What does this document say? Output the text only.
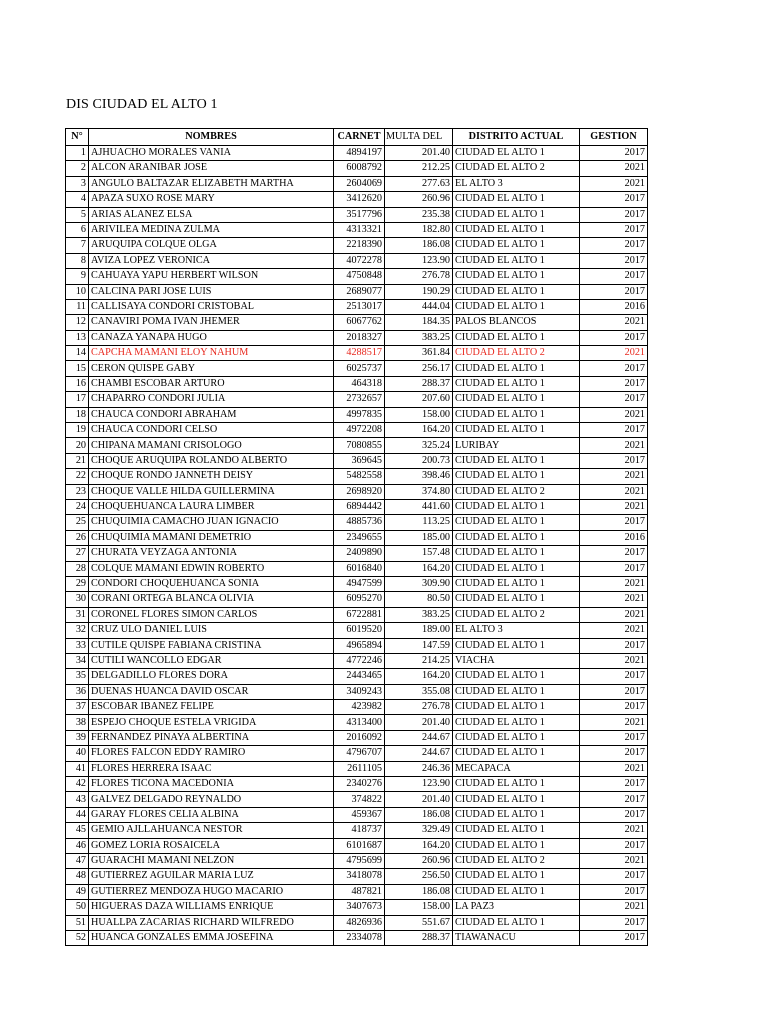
DIS CIUDAD EL ALTO 1
N°	NOMBRES	CARNET	MULTA DEL	DISTRITO ACTUAL	GESTION
1	AJHUACHO MORALES VANIA	4894197	201.40	CIUDAD EL ALTO 1	2017
2	ALCON ARANIBAR JOSE	6008792	212.25	CIUDAD EL ALTO 2	2021
3	ANGULO BALTAZAR ELIZABETH MARTHA	2604069	277.63	EL ALTO 3	2021
4	APAZA SUXO ROSE MARY	3412620	260.96	CIUDAD EL ALTO 1	2017
5	ARIAS ALANEZ ELSA	3517796	235.38	CIUDAD EL ALTO 1	2017
6	ARIVILEA MEDINA ZULMA	4313321	182.80	CIUDAD EL ALTO 1	2017
7	ARUQUIPA COLQUE OLGA	2218390	186.08	CIUDAD EL ALTO 1	2017
8	AVIZA LOPEZ VERONICA	4072278	123.90	CIUDAD EL ALTO 1	2017
9	CAHUAYA YAPU HERBERT WILSON	4750848	276.78	CIUDAD EL ALTO 1	2017
10	CALCINA PARI JOSE LUIS	2689077	190.29	CIUDAD EL ALTO 1	2017
11	CALLISAYA CONDORI CRISTOBAL	2513017	444.04	CIUDAD EL ALTO 1	2016
12	CANAVIRI POMA IVAN JHEMER	6067762	184.35	PALOS BLANCOS	2021
13	CANAZA YANAPA HUGO	2018327	383.25	CIUDAD EL ALTO 1	2017
14	CAPCHA MAMANI ELOY NAHUM	4288517	361.84	CIUDAD EL ALTO 2	2021
15	CERON QUISPE GABY	6025737	256.17	CIUDAD EL ALTO 1	2017
16	CHAMBI ESCOBAR ARTURO	464318	288.37	CIUDAD EL ALTO 1	2017
17	CHAPARRO CONDORI JULIA	2732657	207.60	CIUDAD EL ALTO 1	2017
18	CHAUCA CONDORI ABRAHAM	4997835	158.00	CIUDAD EL ALTO 1	2021
19	CHAUCA CONDORI CELSO	4972208	164.20	CIUDAD EL ALTO 1	2017
20	CHIPANA MAMANI CRISOLOGO	7080855	325.24	LURIBAY	2021
21	CHOQUE ARUQUIPA ROLANDO ALBERTO	369645	200.73	CIUDAD EL ALTO 1	2017
22	CHOQUE RONDO JANNETH DEISY	5482558	398.46	CIUDAD EL ALTO 1	2021
23	CHOQUE VALLE HILDA GUILLERMINA	2698920	374.80	CIUDAD EL ALTO 2	2021
24	CHOQUEHUANCA LAURA LIMBER	6894442	441.60	CIUDAD EL ALTO 1	2021
25	CHUQUIMIA CAMACHO JUAN IGNACIO	4885736	113.25	CIUDAD EL ALTO 1	2017
26	CHUQUIMIA MAMANI DEMETRIO	2349655	185.00	CIUDAD EL ALTO 1	2016
27	CHURATA VEYZAGA ANTONIA	2409890	157.48	CIUDAD EL ALTO 1	2017
28	COLQUE MAMANI EDWIN ROBERTO	6016840	164.20	CIUDAD EL ALTO 1	2017
29	CONDORI CHOQUEHUANCA SONIA	4947599	309.90	CIUDAD EL ALTO 1	2021
30	CORANI ORTEGA BLANCA OLIVIA	6095270	80.50	CIUDAD EL ALTO 1	2021
31	CORONEL FLORES SIMON CARLOS	6722881	383.25	CIUDAD EL ALTO 2	2021
32	CRUZ ULO DANIEL LUIS	6019520	189.00	EL ALTO 3	2021
33	CUTILE QUISPE FABIANA CRISTINA	4965894	147.59	CIUDAD EL ALTO 1	2017
34	CUTILI WANCOLLO EDGAR	4772246	214.25	VIACHA	2021
35	DELGADILLO FLORES DORA	2443465	164.20	CIUDAD EL ALTO 1	2017
36	DUENAS HUANCA DAVID OSCAR	3409243	355.08	CIUDAD EL ALTO 1	2017
37	ESCOBAR IBANEZ FELIPE	423982	276.78	CIUDAD EL ALTO 1	2017
38	ESPEJO CHOQUE ESTELA VRIGIDA	4313400	201.40	CIUDAD EL ALTO 1	2021
39	FERNANDEZ PINAYA ALBERTINA	2016092	244.67	CIUDAD EL ALTO 1	2017
40	FLORES FALCON EDDY RAMIRO	4796707	244.67	CIUDAD EL ALTO 1	2017
41	FLORES HERRERA ISAAC	2611105	246.36	MECAPACA	2021
42	FLORES TICONA MACEDONIA	2340276	123.90	CIUDAD EL ALTO 1	2017
43	GALVEZ DELGADO REYNALDO	374822	201.40	CIUDAD EL ALTO 1	2017
44	GARAY FLORES CELIA ALBINA	459367	186.08	CIUDAD EL ALTO 1	2017
45	GEMIO AJLLAHUANCA NESTOR	418737	329.49	CIUDAD EL ALTO 1	2021
46	GOMEZ LORIA ROSAICELA	6101687	164.20	CIUDAD EL ALTO 1	2017
47	GUARACHI MAMANI NELZON	4795699	260.96	CIUDAD EL ALTO 2	2021
48	GUTIERREZ AGUILAR MARIA LUZ	3418078	256.50	CIUDAD EL ALTO 1	2017
49	GUTIERREZ MENDOZA HUGO MACARIO	487821	186.08	CIUDAD EL ALTO 1	2017
50	HIGUERAS DAZA WILLIAMS ENRIQUE	3407673	158.00	LA PAZ3	2021
51	HUALLPA ZACARIAS RICHARD WILFREDO	4826936	551.67	CIUDAD EL ALTO 1	2017
52	HUANCA GONZALES EMMA JOSEFINA	2334078	288.37	TIAWANACU	2017
